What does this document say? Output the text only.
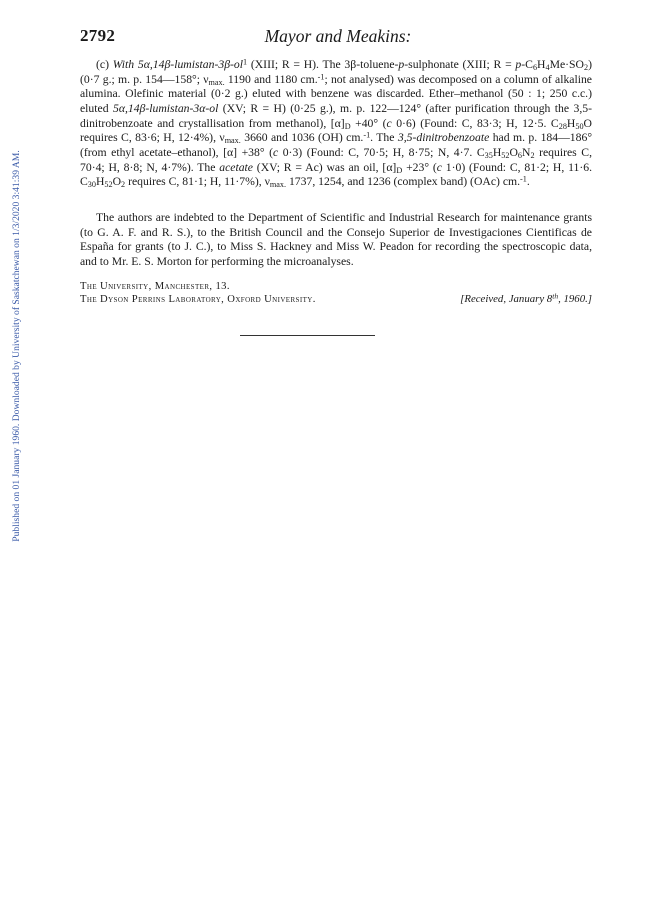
Published on 01 January 1960. Downloaded by University of Saskatchewan on 1/3/2020 3:41:39 AM.
2792	Mayor and Meakins:

(c) With $5\alpha,14\beta-lumistan-3\beta-ol^1$ (XIII; R = H). The 3β-toluene-p-sulphonate (XIII; $R = p-C_6H_4Me\cdot SO_2$) (0·7 g.; m. p. 154—158°; $\nu_{max.}$ 1190 and 1180 cm.$^{-1}$; not analysed) was decomposed on a column of alkaline alumina. Olefinic material (0·2 g.) eluted with benzene was discarded. Ether–methanol (50 : 1; 250 c.c.) eluted 5α,14β-lumistan-3α-ol (XV; R = H) (0·25 g.), m. p. 122—124° (after purification through the 3,5-dinitrobenzoate and crystallisation from methanol), $[\alpha]_D +40^\circ$ (c 0·6) (Found: C, 83·3; H, 12·5. $C_{28}H_{50}O$ requires C, 83·6; H, 12·4%), $\nu_{max.}$ 3660 and 1036 (OH) cm.$^{-1}$. The 3,5-dinitrobenzoate had m. p. 184—186° (from ethyl acetate–ethanol), [α] +38° (c 0·3) (Found: C, 70·5; H, 8·75; N, 4·7. $C_{35}H_{52}O_6N_2$ requires C, 70·4; H, 8·8; N, 4·7%). The acetate (XV; R = Ac) was an oil, $[\alpha]_D +23^\circ$ (c 1·0) (Found: C, 81·2; H, 11·6. $C_{30}H_{52}O_2$ requires C, 81·1; H, 11·7%), $\nu_{max.}$ 1737, 1254, and 1236 (complex band) (OAc) cm.$^{-1}$.

The authors are indebted to the Department of Scientific and Industrial Research for maintenance grants (to G. A. F. and R. S.), to the British Council and the Consejo Superior de Investigaciones Cientificas de España for grants (to J. C.), to Miss S. Hackney and Miss W. Peadon for recording the spectroscopic data, and to Mr. E. S. Morton for performing the microanalyses.

The University, Manchester, 13.
The Dyson Perrins Laboratory, Oxford University.	[Received, January 8th, 1960.]
